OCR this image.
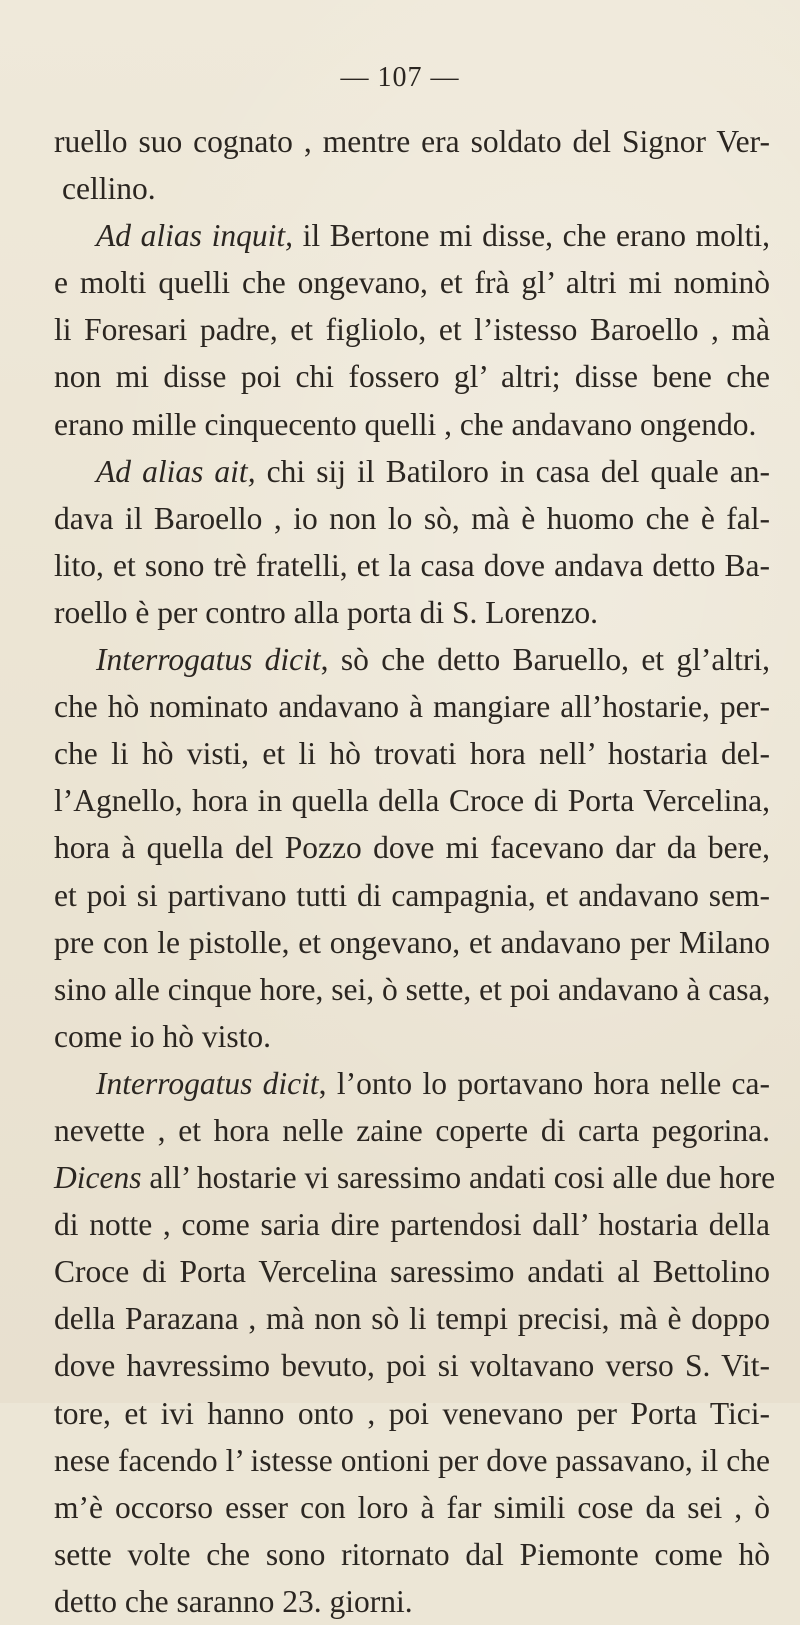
— 107 —
ruello suo cognato , mentre era soldato del Signor Ver-
cellino.
Ad alias inquit, il Bertone mi disse, che erano molti,
e molti quelli che ongevano, et frà gl’ altri mi nominò
li Foresari padre, et figliolo, et l’istesso Baroello , mà
non mi disse poi chi fossero gl’ altri; disse bene che
erano mille cinquecento quelli , che andavano ongendo.
Ad alias ait, chi sij il Batiloro in casa del quale an-
dava il Baroello , io non lo sò, mà è huomo che è fal-
lito, et sono trè fratelli, et la casa dove andava detto Ba-
roello è per contro alla porta di S. Lorenzo.
Interrogatus dicit, sò che detto Baruello, et gl’altri,
che hò nominato andavano à mangiare all’hostarie, per-
che li hò visti, et li hò trovati hora nell’ hostaria del-
l’Agnello, hora in quella della Croce di Porta Vercelina,
hora à quella del Pozzo dove mi facevano dar da bere,
et poi si partivano tutti di campagnia, et andavano sem-
pre con le pistolle, et ongevano, et andavano per Milano
sino alle cinque hore, sei, ò sette, et poi andavano à casa,
come io hò visto.
Interrogatus dicit, l’onto lo portavano hora nelle ca-
nevette , et hora nelle zaine coperte di carta pegorina.
Dicens all’ hostarie vi saressimo andati cosi alle due hore
di notte , come saria dire partendosi dall’ hostaria della
Croce di Porta Vercelina saressimo andati al Bettolino
della Parazana , mà non sò li tempi precisi, mà è doppo
dove havressimo bevuto, poi si voltavano verso S. Vit-
tore, et ivi hanno onto , poi venevano per Porta Tici-
nese facendo l’ istesse ontioni per dove passavano, il che
m’è occorso esser con loro à far simili cose da sei , ò
sette volte che sono ritornato dal Piemonte come hò
detto che saranno 23. giorni.
